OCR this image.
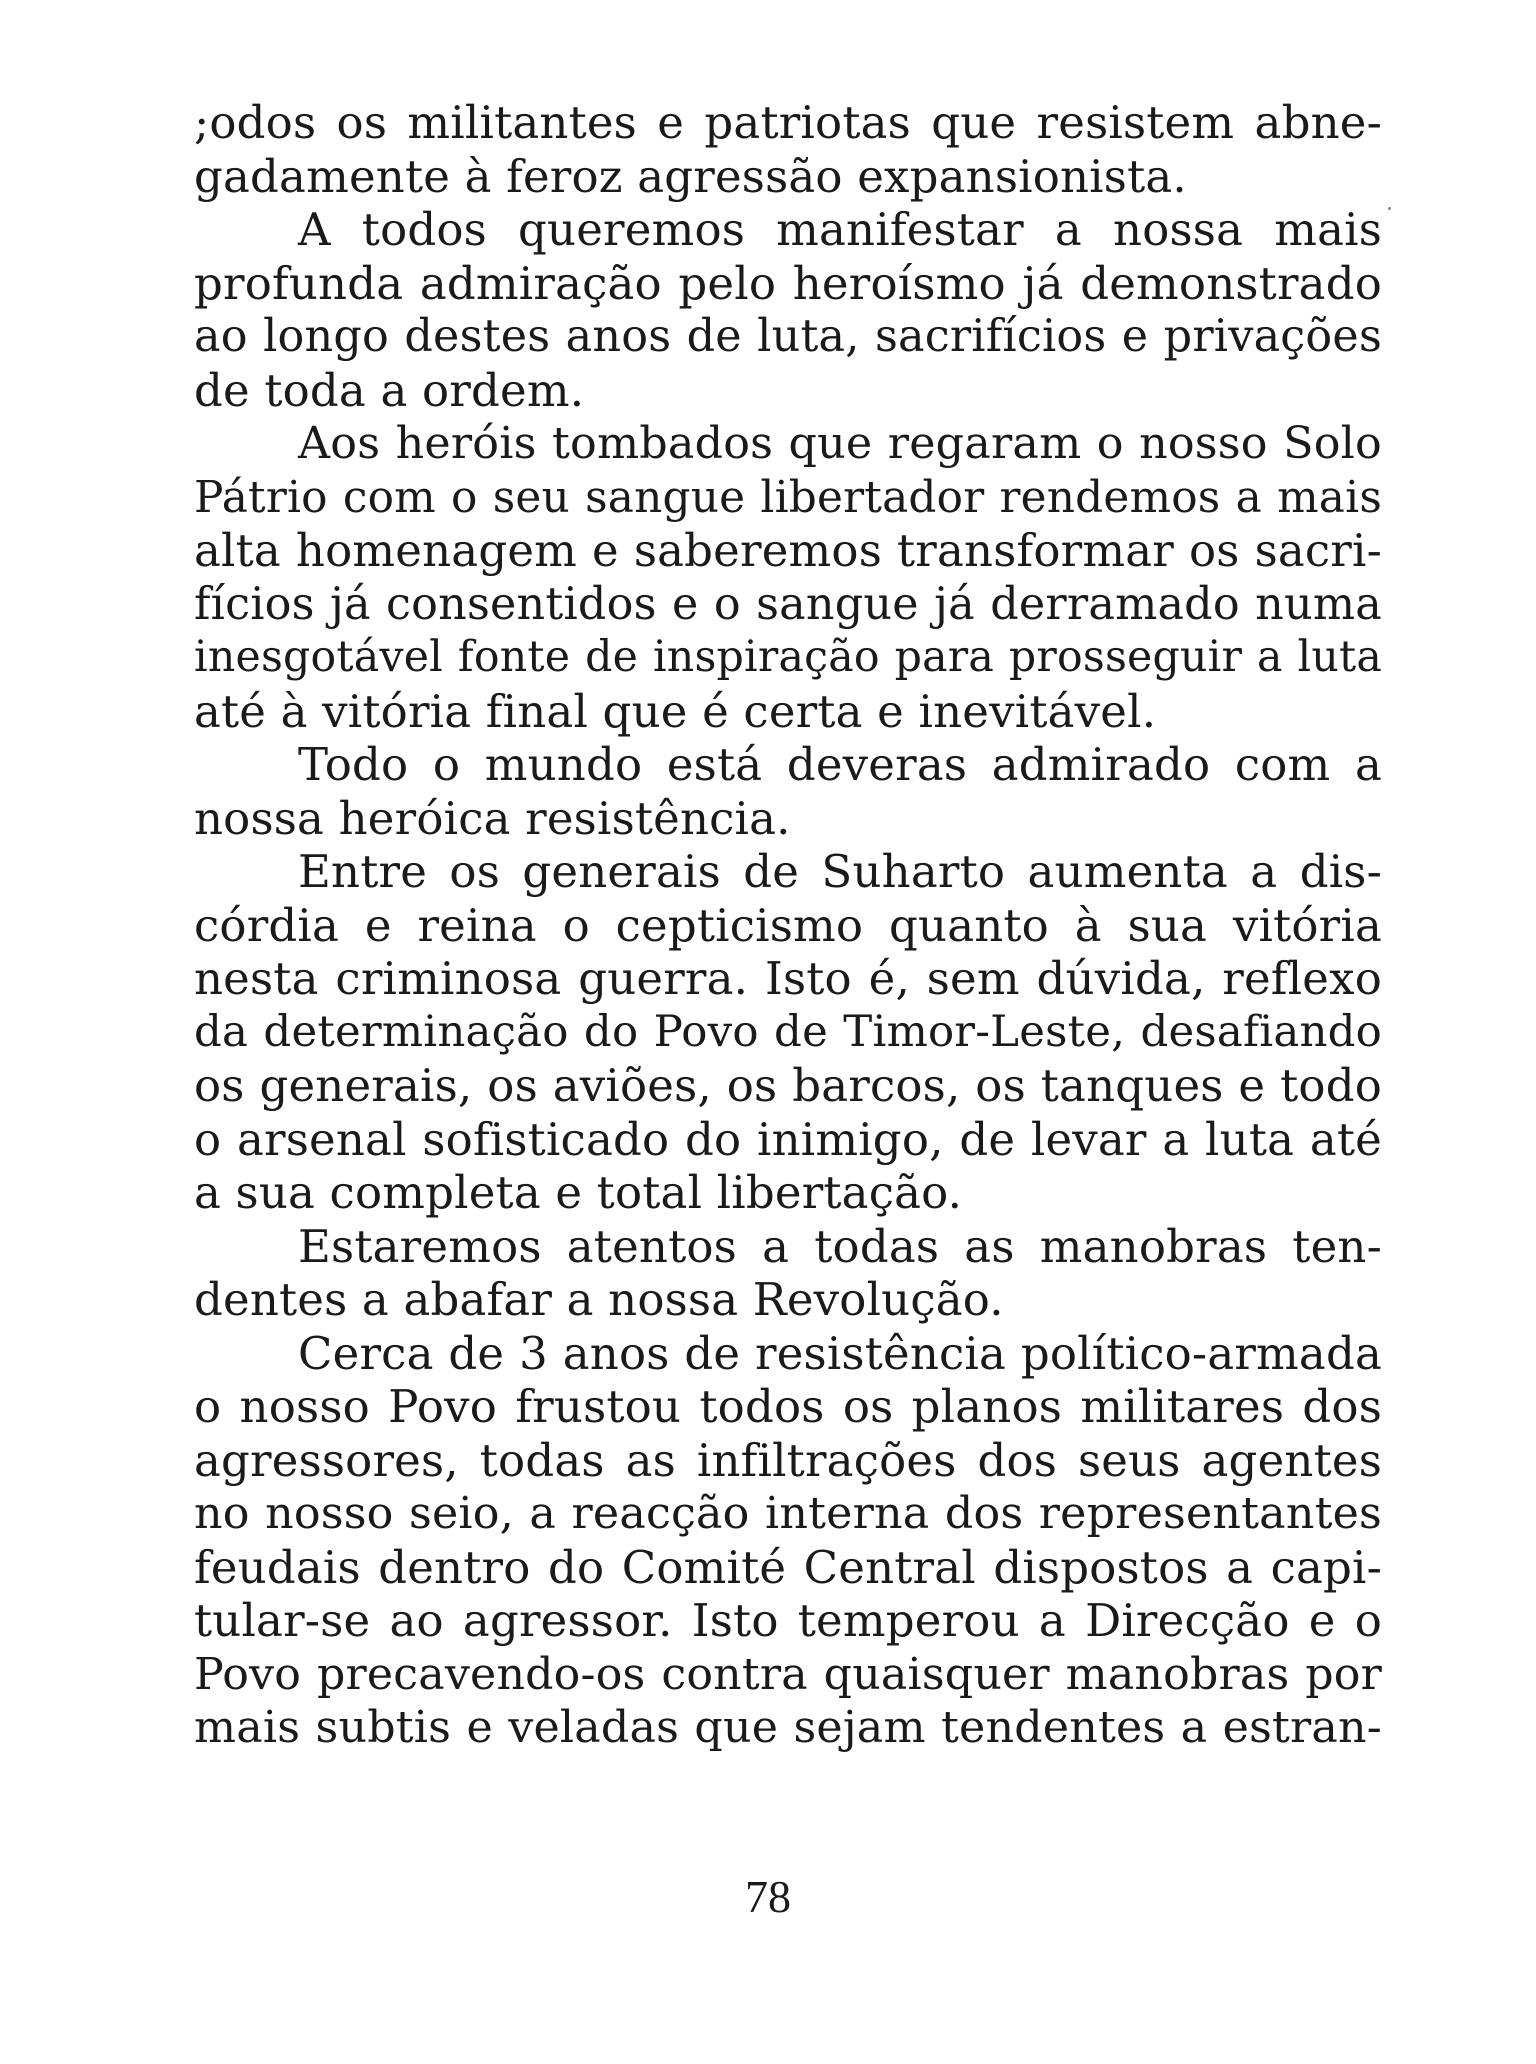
;odos os militantes e patriotas que resistem abne-
gadamente à feroz agressão expansionista.
A todos queremos manifestar a nossa mais
profunda admiração pelo heroísmo já demonstrado
ao longo destes anos de luta, sacrifícios e privações
de toda a ordem.
Aos heróis tombados que regaram o nosso Solo
Pátrio com o seu sangue libertador rendemos a mais
alta homenagem e saberemos transformar os sacri-
fícios já consentidos e o sangue já derramado numa
inesgotável fonte de inspiração para prosseguir a luta
até à vitória final que é certa e inevitável.
Todo o mundo está deveras admirado com a
nossa heróica resistência.
Entre os generais de Suharto aumenta a dis-
córdia e reina o cepticismo quanto à sua vitória
nesta criminosa guerra. Isto é, sem dúvida, reflexo
da determinação do Povo de Timor-Leste, desafiando
os generais, os aviões, os barcos, os tanques e todo
o arsenal sofisticado do inimigo, de levar a luta até
a sua completa e total libertação.
Estaremos atentos a todas as manobras ten-
dentes a abafar a nossa Revolução.
Cerca de 3 anos de resistência político-armada
o nosso Povo frustou todos os planos militares dos
agressores, todas as infiltrações dos seus agentes
no nosso seio, a reacção interna dos representantes
feudais dentro do Comité Central dispostos a capi-
tular-se ao agressor. Isto temperou a Direcção e o
Povo precavendo-os contra quaisquer manobras por
mais subtis e veladas que sejam tendentes a estran-
78
